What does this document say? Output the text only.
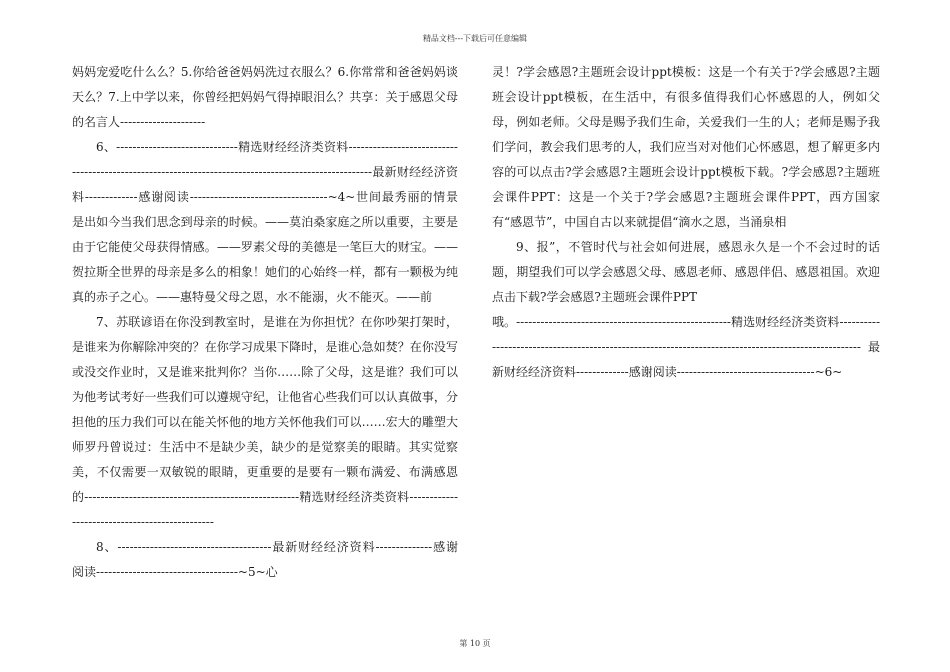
精品文档---下载后可任意编辑

妈妈宠爱吃什么么？5.你给爸爸妈妈洗过衣服么？6.你常常和爸爸妈妈谈天么？7.上中学以来，你曾经把妈妈气得掉眼泪么？共享：关于感恩父母的名言人---------------------

6、------------------------------精选财经经济类资料-----------------------------------------------------------------------------------------------------最新财经经济资料-------------感谢阅读----------------------------------~4~世间最秀丽的情景是出如今当我们思念到母亲的时候。——莫泊桑家庭之所以重要，主要是由于它能使父母获得情感。——罗素父母的美德是一笔巨大的财宝。——贺拉斯全世界的母亲是多么的相象！她们的心始终一样，都有一颗极为纯真的赤子之心。——惠特曼父母之恩，水不能溺，火不能灭。——前

7、苏联谚语在你没到教室时，是谁在为你担忧？在你吵架打架时，是谁来为你解除冲突的？在你学习成果下降时，是谁心急如焚？在你没写或没交作业时，又是谁来批判你？当你……除了父母，这是谁？我们可以为他考试考好一些我们可以遵规守纪，让他省心些我们可以认真做事，分担他的压力我们可以在能关怀他的地方关怀他我们可以……宏大的雕塑大师罗丹曾说过：生活中不是缺少美，缺少的是觉察美的眼睛。其实觉察美，不仅需要一双敏锐的眼睛，更重要的是要有一颗布满爱、布满感恩的-----------------------------------------------------精选财经经济类资料-----------------------------------------------

8、--------------------------------------最新财经经济资料--------------感谢阅读-----------------------------------~5~心

灵！?学会感恩?主题班会设计ppt模板：这是一个有关于?学会感恩?主题班会设计ppt模板，在生活中，有很多值得我们心怀感恩的人，例如父母，例如老师。父母是赐予我们生命，关爱我们一生的人；老师是赐予我们学问，教会我们思考的人，我们应当对对他们心怀感恩，想了解更多内容的可以点击?学会感恩?主题班会设计ppt模板下载。?学会感恩?主题班会课件PPT：这是一个关于?学会感恩?主题班会课件PPT，西方国家有“感恩节”，中国自古以来就提倡“滴水之恩，当涌泉相

9、报”，不管时代与社会如何进展，感恩永久是一个不会过时的话题，期望我们可以学会感恩父母、感恩老师、感恩伴侣、感恩祖国。欢迎点击下载?学会感恩?主题班会课件PPT

哦。-----------------------------------------------------精选财经经济类资料-----------------------------------------------------------------------------------------------------最新财经经济资料-------------感谢阅读----------------------------------~6~

第 10 页
